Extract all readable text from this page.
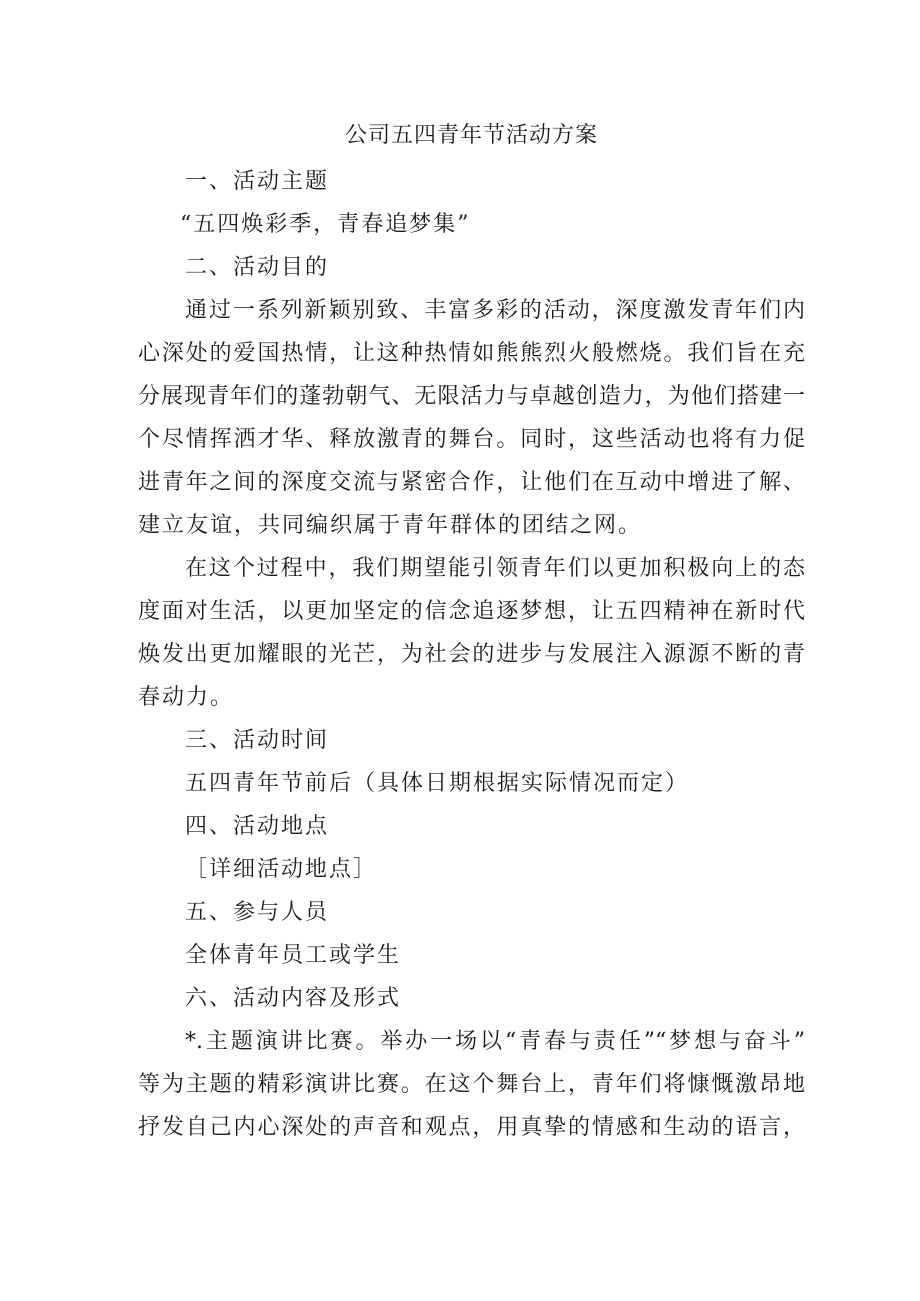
公司五四青年节活动方案
一、活动主题
“五四焕彩季，青春追梦集”
二、活动目的
通过一系列新颖别致、丰富多彩的活动，深度激发青年们内
心深处的爱国热情，让这种热情如熊熊烈火般燃烧。我们旨在充
分展现青年们的蓬勃朝气、无限活力与卓越创造力，为他们搭建一
个尽情挥洒才华、释放激青的舞台。同时，这些活动也将有力促
进青年之间的深度交流与紧密合作，让他们在互动中增进了解、
建立友谊，共同编织属于青年群体的团结之网。
在这个过程中，我们期望能引领青年们以更加积极向上的态
度面对生活，以更加坚定的信念追逐梦想，让五四精神在新时代
焕发出更加耀眼的光芒，为社会的进步与发展注入源源不断的青
春动力。
三、活动时间
五四青年节前后（具体日期根据实际情况而定）
四、活动地点
［详细活动地点］
五、参与人员
全体青年员工或学生
六、活动内容及形式
*.主题演讲比赛。举办一场以“青春与责任”“梦想与奋斗”
等为主题的精彩演讲比赛。在这个舞台上，青年们将慷慨激昂地
抒发自己内心深处的声音和观点，用真挚的情感和生动的语言，
